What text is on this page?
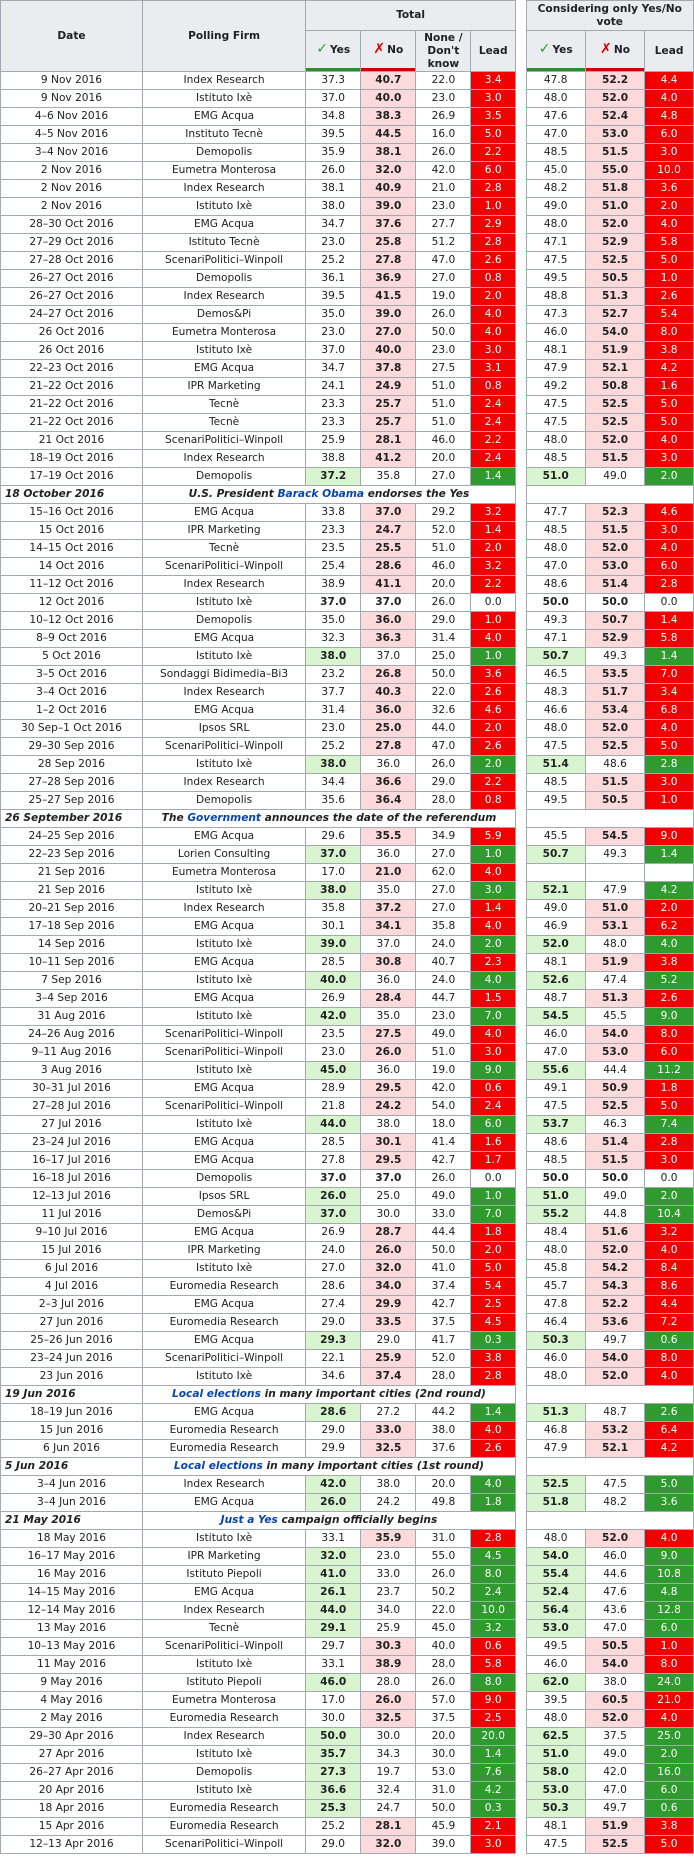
Date	Polling Firm	Total					Considering only Yes/No vote		

		✓ Yes	✗ No	None / Don't know	Lead		✓ Yes	✗ No	Lead
9 Nov 2016	Index Research	37.3	40.7	22.0	3.4		47.8	52.2	4.4
9 Nov 2016	Istituto Ixè	37.0	40.0	23.0	3.0		48.0	52.0	4.0
4–6 Nov 2016	EMG Acqua	34.8	38.3	26.9	3.5		47.6	52.4	4.8
4–5 Nov 2016	Instituto Tecnè	39.5	44.5	16.0	5.0		47.0	53.0	6.0
3–4 Nov 2016	Demopolis	35.9	38.1	26.0	2.2		48.5	51.5	3.0
2 Nov 2016	Eumetra Monterosa	26.0	32.0	42.0	6.0		45.0	55.0	10.0
2 Nov 2016	Index Research	38.1	40.9	21.0	2.8		48.2	51.8	3.6
2 Nov 2016	Istituto Ixè	38.0	39.0	23.0	1.0		49.0	51.0	2.0
28–30 Oct 2016	EMG Acqua	34.7	37.6	27.7	2.9		48.0	52.0	4.0
27–29 Oct 2016	Istituto Tecnè	23.0	25.8	51.2	2.8		47.1	52.9	5.8
27–28 Oct 2016	ScenariPolitici–Winpoll	25.2	27.8	47.0	2.6		47.5	52.5	5.0
26–27 Oct 2016	Demopolis	36.1	36.9	27.0	0.8		49.5	50.5	1.0
26–27 Oct 2016	Index Research	39.5	41.5	19.0	2.0		48.8	51.3	2.6
24–27 Oct 2016	Demos&Pi	35.0	39.0	26.0	4.0		47.3	52.7	5.4
26 Oct 2016	Eumetra Monterosa	23.0	27.0	50.0	4.0		46.0	54.0	8.0
26 Oct 2016	Istituto Ixè	37.0	40.0	23.0	3.0		48.1	51.9	3.8
22–23 Oct 2016	EMG Acqua	34.7	37.8	27.5	3.1		47.9	52.1	4.2
21–22 Oct 2016	IPR Marketing	24.1	24.9	51.0	0.8		49.2	50.8	1.6
21–22 Oct 2016	Tecnè	23.3	25.7	51.0	2.4		47.5	52.5	5.0
21–22 Oct 2016	Tecnè	23.3	25.7	51.0	2.4		47.5	52.5	5.0
21 Oct 2016	ScenariPolitici–Winpoll	25.9	28.1	46.0	2.2		48.0	52.0	4.0
18–19 Oct 2016	Index Research	38.8	41.2	20.0	2.4		48.5	51.5	3.0
17–19 Oct 2016	Demopolis	37.2	35.8	27.0	1.4		51.0	49.0	2.0
18 October 2016	U.S. President Barack Obama endorses the Yes								
15–16 Oct 2016	EMG Acqua	33.8	37.0	29.2	3.2		47.7	52.3	4.6
15 Oct 2016	IPR Marketing	23.3	24.7	52.0	1.4		48.5	51.5	3.0
14–15 Oct 2016	Tecnè	23.5	25.5	51.0	2.0		48.0	52.0	4.0
14 Oct 2016	ScenariPolitici–Winpoll	25.4	28.6	46.0	3.2		47.0	53.0	6.0
11–12 Oct 2016	Index Research	38.9	41.1	20.0	2.2		48.6	51.4	2.8
12 Oct 2016	Istituto Ixè	37.0	37.0	26.0	0.0		50.0	50.0	0.0
10–12 Oct 2016	Demopolis	35.0	36.0	29.0	1.0		49.3	50.7	1.4
8–9 Oct 2016	EMG Acqua	32.3	36.3	31.4	4.0		47.1	52.9	5.8
5 Oct 2016	Istituto Ixè	38.0	37.0	25.0	1.0		50.7	49.3	1.4
3–5 Oct 2016	Sondaggi Bidimedia–Bi3	23.2	26.8	50.0	3.6		46.5	53.5	7.0
3–4 Oct 2016	Index Research	37.7	40.3	22.0	2.6		48.3	51.7	3.4
1–2 Oct 2016	EMG Acqua	31.4	36.0	32.6	4.6		46.6	53.4	6.8
30 Sep–1 Oct 2016	Ipsos SRL	23.0	25.0	44.0	2.0		48.0	52.0	4.0
29–30 Sep 2016	ScenariPolitici–Winpoll	25.2	27.8	47.0	2.6		47.5	52.5	5.0
28 Sep 2016	Istituto Ixè	38.0	36.0	26.0	2.0		51.4	48.6	2.8
27–28 Sep 2016	Index Research	34.4	36.6	29.0	2.2		48.5	51.5	3.0
25–27 Sep 2016	Demopolis	35.6	36.4	28.0	0.8		49.5	50.5	1.0
26 September 2016	The Government announces the date of the referendum								
24–25 Sep 2016	EMG Acqua	29.6	35.5	34.9	5.9		45.5	54.5	9.0
22–23 Sep 2016	Lorien Consulting	37.0	36.0	27.0	1.0		50.7	49.3	1.4
21 Sep 2016	Eumetra Monterosa	17.0	21.0	62.0	4.0				
21 Sep 2016	Istituto Ixè	38.0	35.0	27.0	3.0		52.1	47.9	4.2
20–21 Sep 2016	Index Research	35.8	37.2	27.0	1.4		49.0	51.0	2.0
17–18 Sep 2016	EMG Acqua	30.1	34.1	35.8	4.0		46.9	53.1	6.2
14 Sep 2016	Istituto Ixè	39.0	37.0	24.0	2.0		52.0	48.0	4.0
10–11 Sep 2016	EMG Acqua	28.5	30.8	40.7	2.3		48.1	51.9	3.8
7 Sep 2016	Istituto Ixè	40.0	36.0	24.0	4.0		52.6	47.4	5.2
3–4 Sep 2016	EMG Acqua	26.9	28.4	44.7	1.5		48.7	51.3	2.6
31 Aug 2016	Istituto Ixè	42.0	35.0	23.0	7.0		54.5	45.5	9.0
24–26 Aug 2016	ScenariPolitici–Winpoll	23.5	27.5	49.0	4.0		46.0	54.0	8.0
9–11 Aug 2016	ScenariPolitici–Winpoll	23.0	26.0	51.0	3.0		47.0	53.0	6.0
3 Aug 2016	Istituto Ixè	45.0	36.0	19.0	9.0		55.6	44.4	11.2
30–31 Jul 2016	EMG Acqua	28.9	29.5	42.0	0.6		49.1	50.9	1.8
27–28 Jul 2016	ScenariPolitici–Winpoll	21.8	24.2	54.0	2.4		47.5	52.5	5.0
27 Jul 2016	Istituto Ixè	44.0	38.0	18.0	6.0		53.7	46.3	7.4
23–24 Jul 2016	EMG Acqua	28.5	30.1	41.4	1.6		48.6	51.4	2.8
16–17 Jul 2016	EMG Acqua	27.8	29.5	42.7	1.7		48.5	51.5	3.0
16–18 Jul 2016	Demopolis	37.0	37.0	26.0	0.0		50.0	50.0	0.0
12–13 Jul 2016	Ipsos SRL	26.0	25.0	49.0	1.0		51.0	49.0	2.0
11 Jul 2016	Demos&Pi	37.0	30.0	33.0	7.0		55.2	44.8	10.4
9–10 Jul 2016	EMG Acqua	26.9	28.7	44.4	1.8		48.4	51.6	3.2
15 Jul 2016	IPR Marketing	24.0	26.0	50.0	2.0		48.0	52.0	4.0
6 Jul 2016	Istituto Ixè	27.0	32.0	41.0	5.0		45.8	54.2	8.4
4 Jul 2016	Euromedia Research	28.6	34.0	37.4	5.4		45.7	54.3	8.6
2–3 Jul 2016	EMG Acqua	27.4	29.9	42.7	2.5		47.8	52.2	4.4
27 Jun 2016	Euromedia Research	29.0	33.5	37.5	4.5		46.4	53.6	7.2
25–26 Jun 2016	EMG Acqua	29.3	29.0	41.7	0.3		50.3	49.7	0.6
23–24 Jun 2016	ScenariPolitici–Winpoll	22.1	25.9	52.0	3.8		46.0	54.0	8.0
23 Jun 2016	Istituto Ixè	34.6	37.4	28.0	2.8		48.0	52.0	4.0
19 Jun 2016	Local elections in many important cities (2nd round)								
18–19 Jun 2016	EMG Acqua	28.6	27.2	44.2	1.4		51.3	48.7	2.6
15 Jun 2016	Euromedia Research	29.0	33.0	38.0	4.0		46.8	53.2	6.4
6 Jun 2016	Euromedia Research	29.9	32.5	37.6	2.6		47.9	52.1	4.2
5 Jun 2016	Local elections in many important cities (1st round)								
3–4 Jun 2016	Index Research	42.0	38.0	20.0	4.0		52.5	47.5	5.0
3–4 Jun 2016	EMG Acqua	26.0	24.2	49.8	1.8		51.8	48.2	3.6
21 May 2016	Just a Yes campaign officially begins								
18 May 2016	Istituto Ixè	33.1	35.9	31.0	2.8		48.0	52.0	4.0
16–17 May 2016	IPR Marketing	32.0	23.0	55.0	4.5		54.0	46.0	9.0
16 May 2016	Istituto Piepoli	41.0	33.0	26.0	8.0		55.4	44.6	10.8
14–15 May 2016	EMG Acqua	26.1	23.7	50.2	2.4		52.4	47.6	4.8
12–14 May 2016	Index Research	44.0	34.0	22.0	10.0		56.4	43.6	12.8
13 May 2016	Tecnè	29.1	25.9	45.0	3.2		53.0	47.0	6.0
10–13 May 2016	ScenariPolitici–Winpoll	29.7	30.3	40.0	0.6		49.5	50.5	1.0
11 May 2016	Istituto Ixè	33.1	38.9	28.0	5.8		46.0	54.0	8.0
9 May 2016	Istituto Piepoli	46.0	28.0	26.0	8.0		62.0	38.0	24.0
4 May 2016	Eumetra Monterosa	17.0	26.0	57.0	9.0		39.5	60.5	21.0
2 May 2016	Euromedia Research	30.0	32.5	37.5	2.5		48.0	52.0	4.0
29–30 Apr 2016	Index Research	50.0	30.0	20.0	20.0		62.5	37.5	25.0
27 Apr 2016	Istituto Ixè	35.7	34.3	30.0	1.4		51.0	49.0	2.0
26–27 Apr 2016	Demopolis	27.3	19.7	53.0	7.6		58.0	42.0	16.0
20 Apr 2016	Istituto Ixè	36.6	32.4	31.0	4.2		53.0	47.0	6.0
18 Apr 2016	Euromedia Research	25.3	24.7	50.0	0.3		50.3	49.7	0.6
15 Apr 2016	Euromedia Research	25.2	28.1	45.9	2.1		48.1	51.9	3.8
12–13 Apr 2016	ScenariPolitici–Winpoll	29.0	32.0	39.0	3.0		47.5	52.5	5.0
